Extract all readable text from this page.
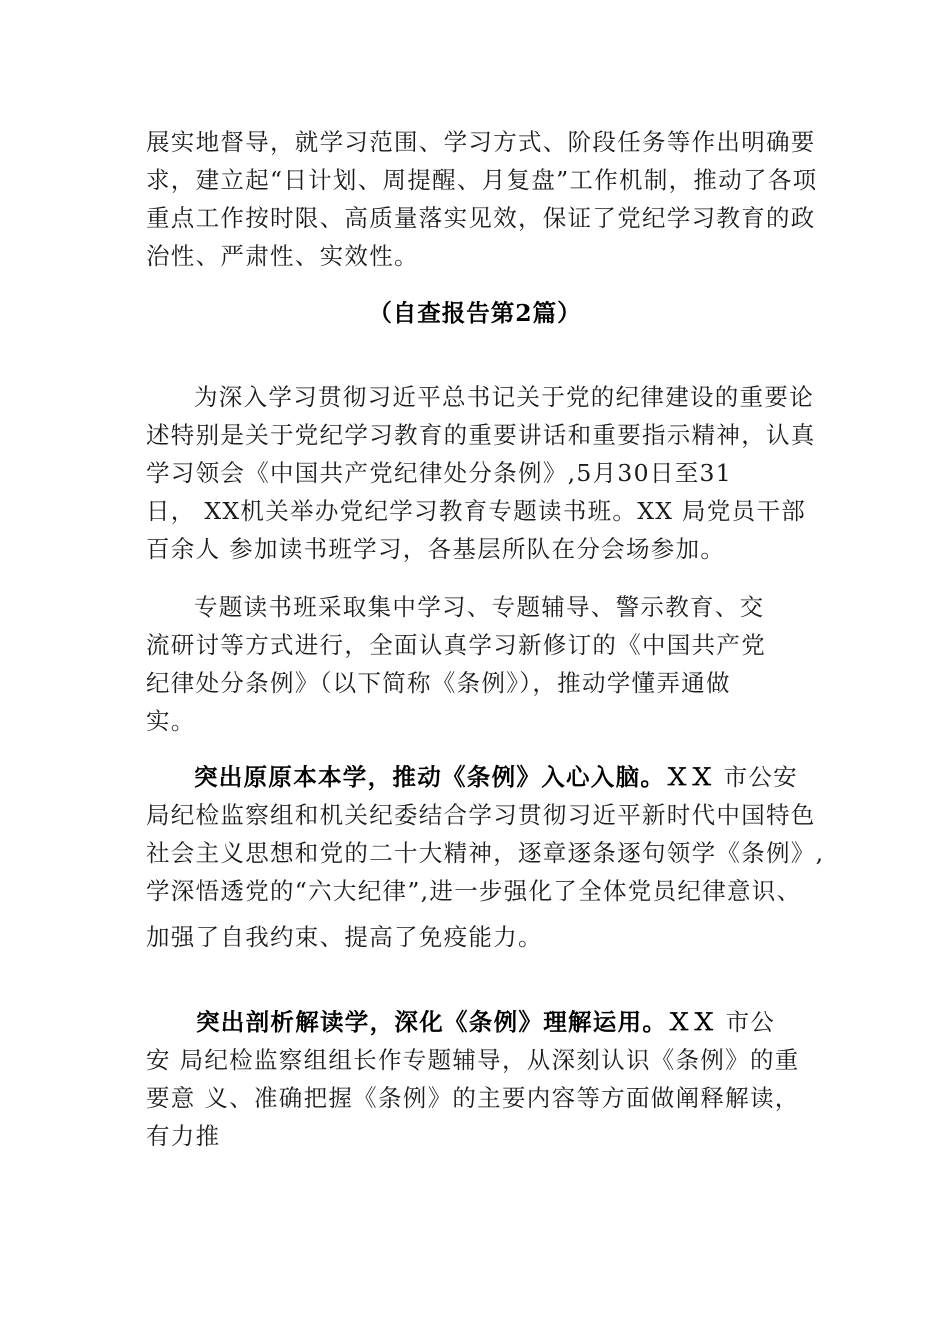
展实地督导，就学习范围、学习方式、阶段任务等作出明确要
求，建立起“日计划、周提醒、月复盘”工作机制，推动了各项
重点工作按时限、高质量落实见效，保证了党纪学习教育的政
治性、严肃性、实效性。
（自查报告第2篇）
为深入学习贯彻习近平总书记关于党的纪律建设的重要论
述特别是关于党纪学习教育的重要讲话和重要指示精神，认真
学习领会《中国共产党纪律处分条例》,5月30日至31
日， XX机关举办党纪学习教育专题读书班。XX 局党员干部
百余人 参加读书班学习，各基层所队在分会场参加。
专题读书班采取集中学习、专题辅导、警示教育、交
流研讨等方式进行，全面认真学习新修订的《中国共产党
纪律处分条例》（以下简称《条例》），推动学懂弄通做
实。
突出原原本本学，推动《条例》入心入脑。ＸＸ 市公安
局纪检监察组和机关纪委结合学习贯彻习近平新时代中国特色
社会主义思想和党的二十大精神，逐章逐条逐句领学《条例》,
学深悟透党的“六大纪律”,进一步强化了全体党员纪律意识、
加强了自我约束、提高了免疫能力。
突出剖析解读学，深化《条例》理解运用。ＸＸ 市公
安 局纪检监察组组长作专题辅导，从深刻认识《条例》的重
要意 义、准确把握《条例》的主要内容等方面做阐释解读，
有力推
